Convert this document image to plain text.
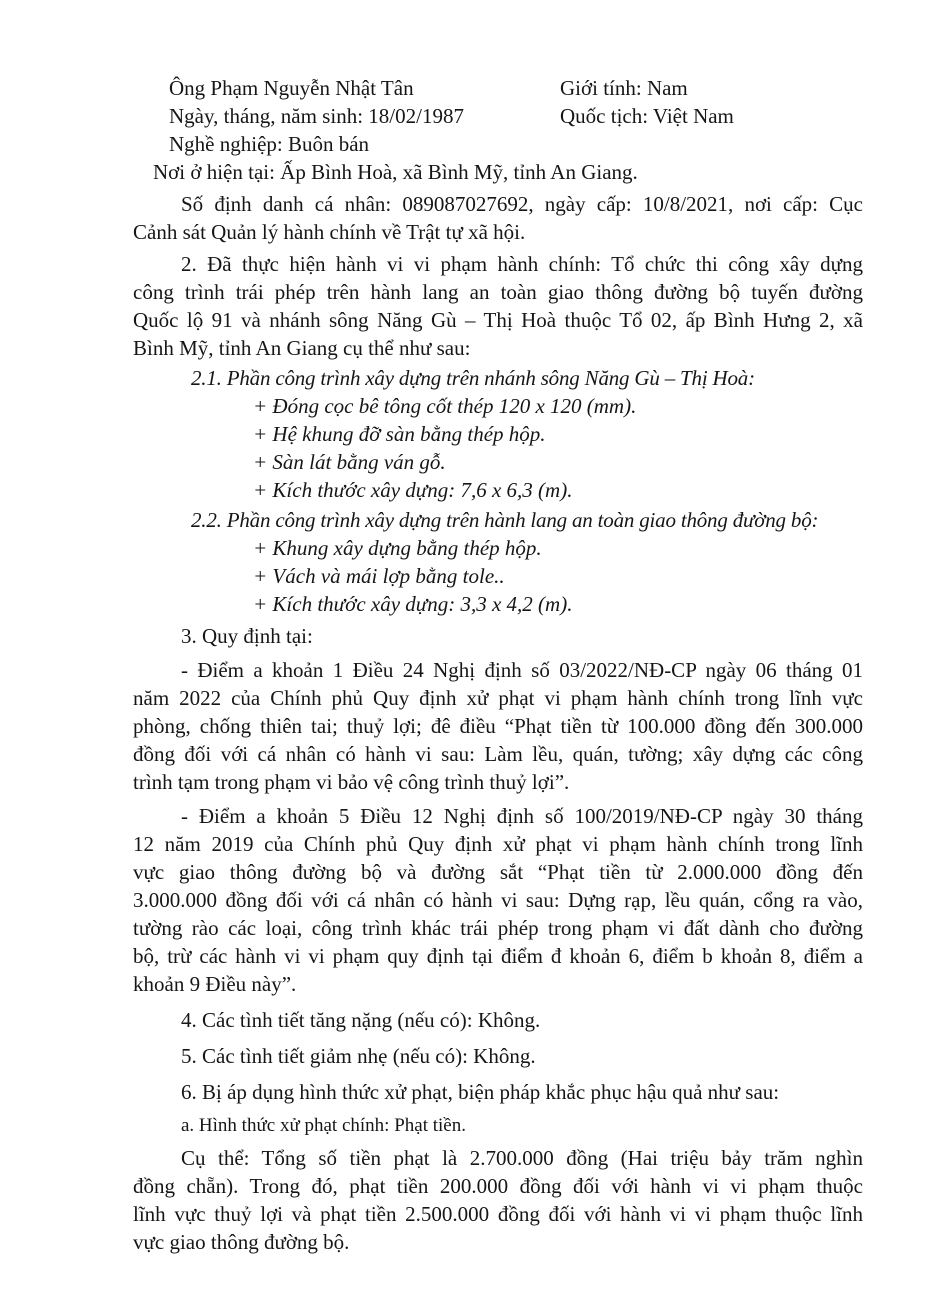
Ông Phạm Nguyễn Nhật Tân	Giới tính: Nam
Ngày, tháng, năm sinh: 18/02/1987	Quốc tịch: Việt Nam
Nghề nghiệp: Buôn bán
Nơi ở hiện tại: Ấp Bình Hoà, xã Bình Mỹ, tỉnh An Giang.
Số định danh cá nhân: 089087027692, ngày cấp: 10/8/2021, nơi cấp: Cục
Cảnh sát Quản lý hành chính về Trật tự xã hội.
2. Đã thực hiện hành vi vi phạm hành chính: Tổ chức thi công xây dựng
công trình trái phép trên hành lang an toàn giao thông đường bộ tuyến đường
Quốc lộ 91 và nhánh sông Năng Gù – Thị Hoà thuộc Tổ 02, ấp Bình Hưng 2, xã
Bình Mỹ, tỉnh An Giang cụ thể như sau:
2.1. Phần công trình xây dựng trên nhánh sông Năng Gù – Thị Hoà:
+ Đóng cọc bê tông cốt thép 120 x 120 (mm).
+ Hệ khung đỡ sàn bằng thép hộp.
+ Sàn lát bằng ván gỗ.
+ Kích thước xây dựng: 7,6 x 6,3 (m).
2.2. Phần công trình xây dựng trên hành lang an toàn giao thông đường bộ:
+ Khung xây dựng bằng thép hộp.
+ Vách và mái lợp bằng tole..
+ Kích thước xây dựng: 3,3 x 4,2 (m).
3. Quy định tại:
- Điểm a khoản 1 Điều 24 Nghị định số 03/2022/NĐ-CP ngày 06 tháng 01
năm 2022 của Chính phủ Quy định xử phạt vi phạm hành chính trong lĩnh vực
phòng, chống thiên tai; thuỷ lợi; đê điều “Phạt tiền từ 100.000 đồng đến 300.000
đồng đối với cá nhân có hành vi sau: Làm lều, quán, tường; xây dựng các công
trình tạm trong phạm vi bảo vệ công trình thuỷ lợi”.
- Điểm a khoản 5 Điều 12 Nghị định số 100/2019/NĐ-CP ngày 30 tháng
12 năm 2019 của Chính phủ Quy định xử phạt vi phạm hành chính trong lĩnh
vực giao thông đường bộ và đường sắt “Phạt tiền từ 2.000.000 đồng đến
3.000.000 đồng đối với cá nhân có hành vi sau: Dựng rạp, lều quán, cổng ra vào,
tường rào các loại, công trình khác trái phép trong phạm vi đất dành cho đường
bộ, trừ các hành vi vi phạm quy định tại điểm đ khoản 6, điểm b khoản 8, điểm a
khoản 9 Điều này”.
4. Các tình tiết tăng nặng (nếu có): Không.
5. Các tình tiết giảm nhẹ (nếu có): Không.
6. Bị áp dụng hình thức xử phạt, biện pháp khắc phục hậu quả như sau:
a. Hình thức xử phạt chính: Phạt tiền.
Cụ thể: Tổng số tiền phạt là 2.700.000 đồng (Hai triệu bảy trăm nghìn
đồng chẵn). Trong đó, phạt tiền 200.000 đồng đối với hành vi vi phạm thuộc
lĩnh vực thuỷ lợi và phạt tiền 2.500.000 đồng đối với hành vi vi phạm thuộc lĩnh
vực giao thông đường bộ.
